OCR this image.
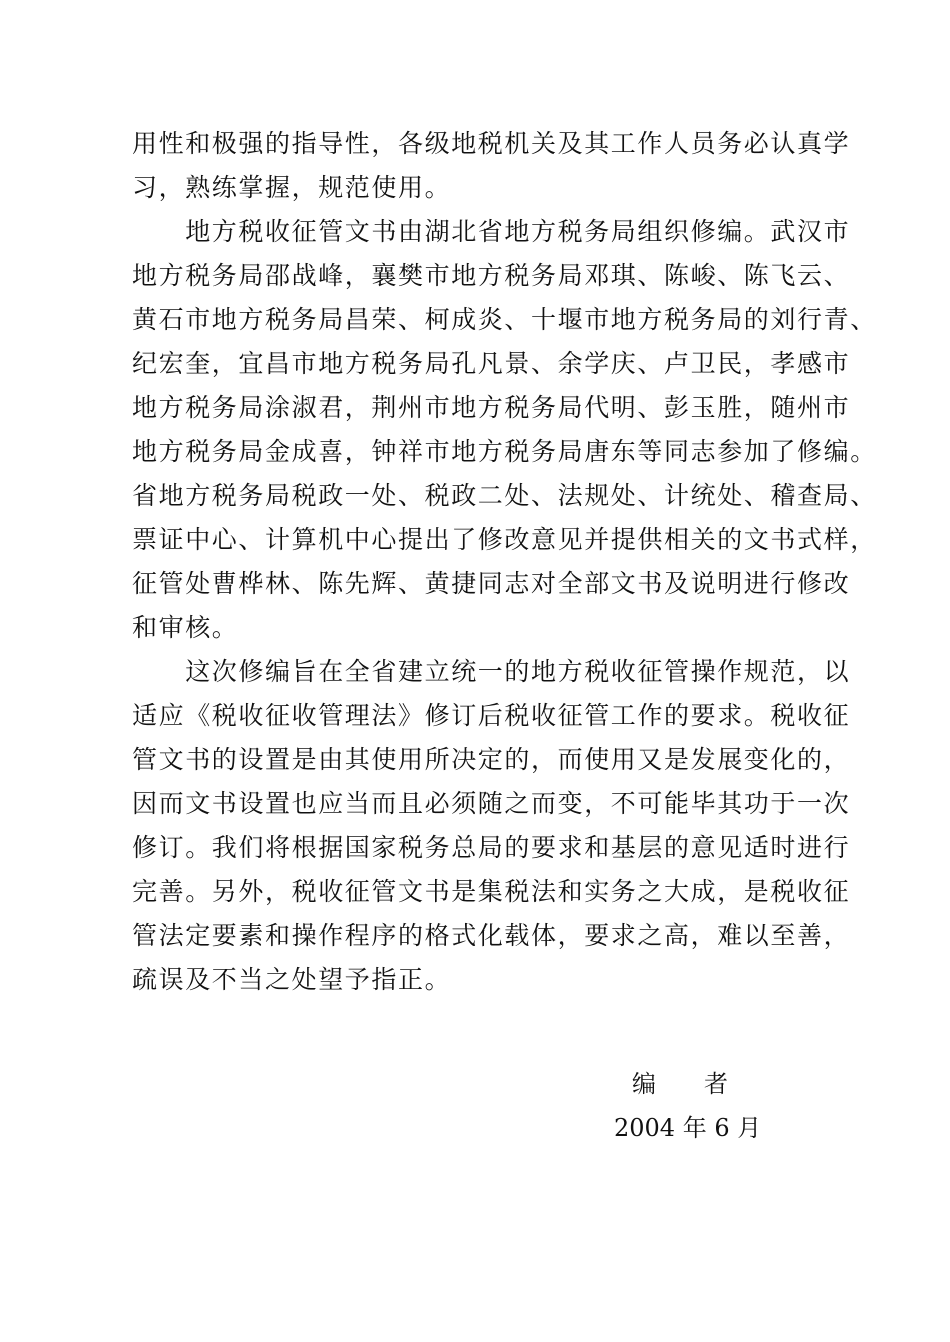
用性和极强的指导性，各级地税机关及其工作人员务必认真学
习，熟练掌握，规范使用。
　　地方税收征管文书由湖北省地方税务局组织修编。武汉市
地方税务局邵战峰，襄樊市地方税务局邓琪、陈峻、陈飞云、
黄石市地方税务局昌荣、柯成炎、十堰市地方税务局的刘行青、
纪宏奎，宜昌市地方税务局孔凡景、余学庆、卢卫民，孝感市
地方税务局涂淑君，荆州市地方税务局代明、彭玉胜，随州市
地方税务局金成喜，钟祥市地方税务局唐东等同志参加了修编。
省地方税务局税政一处、税政二处、法规处、计统处、稽查局、
票证中心、计算机中心提出了修改意见并提供相关的文书式样，
征管处曹桦林、陈先辉、黄捷同志对全部文书及说明进行修改
和审核。
　　这次修编旨在全省建立统一的地方税收征管操作规范，以
适应《税收征收管理法》修订后税收征管工作的要求。税收征
管文书的设置是由其使用所决定的，而使用又是发展变化的，
因而文书设置也应当而且必须随之而变，不可能毕其功于一次
修订。我们将根据国家税务总局的要求和基层的意见适时进行
完善。另外，税收征管文书是集税法和实务之大成，是税收征
管法定要素和操作程序的格式化载体，要求之高，难以至善，
疏误及不当之处望予指正。
编　　者
2004 年 6 月
